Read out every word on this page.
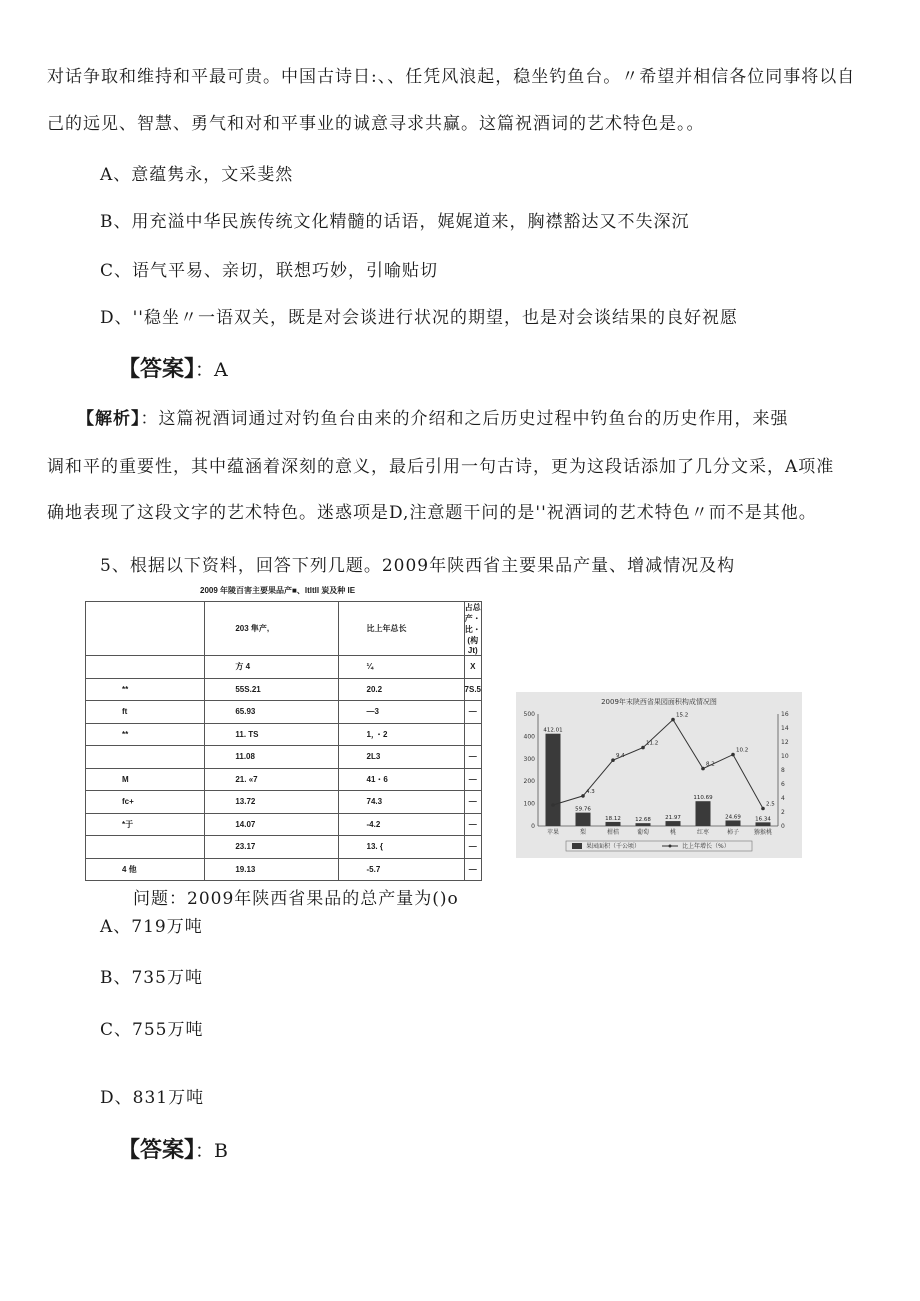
对话争取和维持和平最可贵。中国古诗日:、、任凭风浪起，稳坐钓鱼台。〃希望并相信各位同事将以自
己的远见、智慧、勇气和对和平事业的诚意寻求共赢。这篇祝酒词的艺术特色是。。
A、意蕴隽永，文采斐然
B、用充溢中华民族传统文化精髓的话语，娓娓道来，胸襟豁达又不失深沉
C、语气平易、亲切，联想巧妙，引喻贴切
D、''稳坐〃一语双关，既是对会谈进行状况的期望，也是对会谈结果的良好祝愿
【答案】：A
【解析】：这篇祝酒词通过对钓鱼台由来的介绍和之后历史过程中钓鱼台的历史作用，来强
调和平的重要性，其中蕴涵着深刻的意义，最后引用一句古诗，更为这段话添加了几分文采，A项准
确地表现了这段文字的艺术特色。迷惑项是D,注意题干问的是''祝酒词的艺术特色〃而不是其他。
5、根据以下资料，回答下列几题。2009年陕西省主要果品产量、增减情况及构
2009 年陵百害主要果品产■、ltltll 炭及种 IE
	203 隼产,	比上年总长	占总产・比・(构 Jt)
	方 4	¼	X
**	55S.21	20.2	7S.5
ft	65.93	—3	—
**	11. TS	1，・2	
	11.08	2L3	—
M	21. «7	41・6	—
fc+	13.72	74.3	—
*于	14.07	-4.2	—
	23.17	13. {	—
4 他	19.13	-5.7	—
2009年末陕西省果园面积构成情况图
0
100
200
300
400
500
0
2
4
6
8
10
12
14
16
412.01
苹果
59.76
梨
18.12
柑桔
12.68
葡萄
21.97
桃
110.69
红枣
24.69
柿子
16.34
猕猴桃
4.3
9.4
11.2
15.2
8.2
10.2
2.5
果园面积（千公顷）	比上年增长（%）
问题：2009年陕西省果品的总产量为()o
A、719万吨
B、735万吨
C、755万吨
D、831万吨
【答案】：B
